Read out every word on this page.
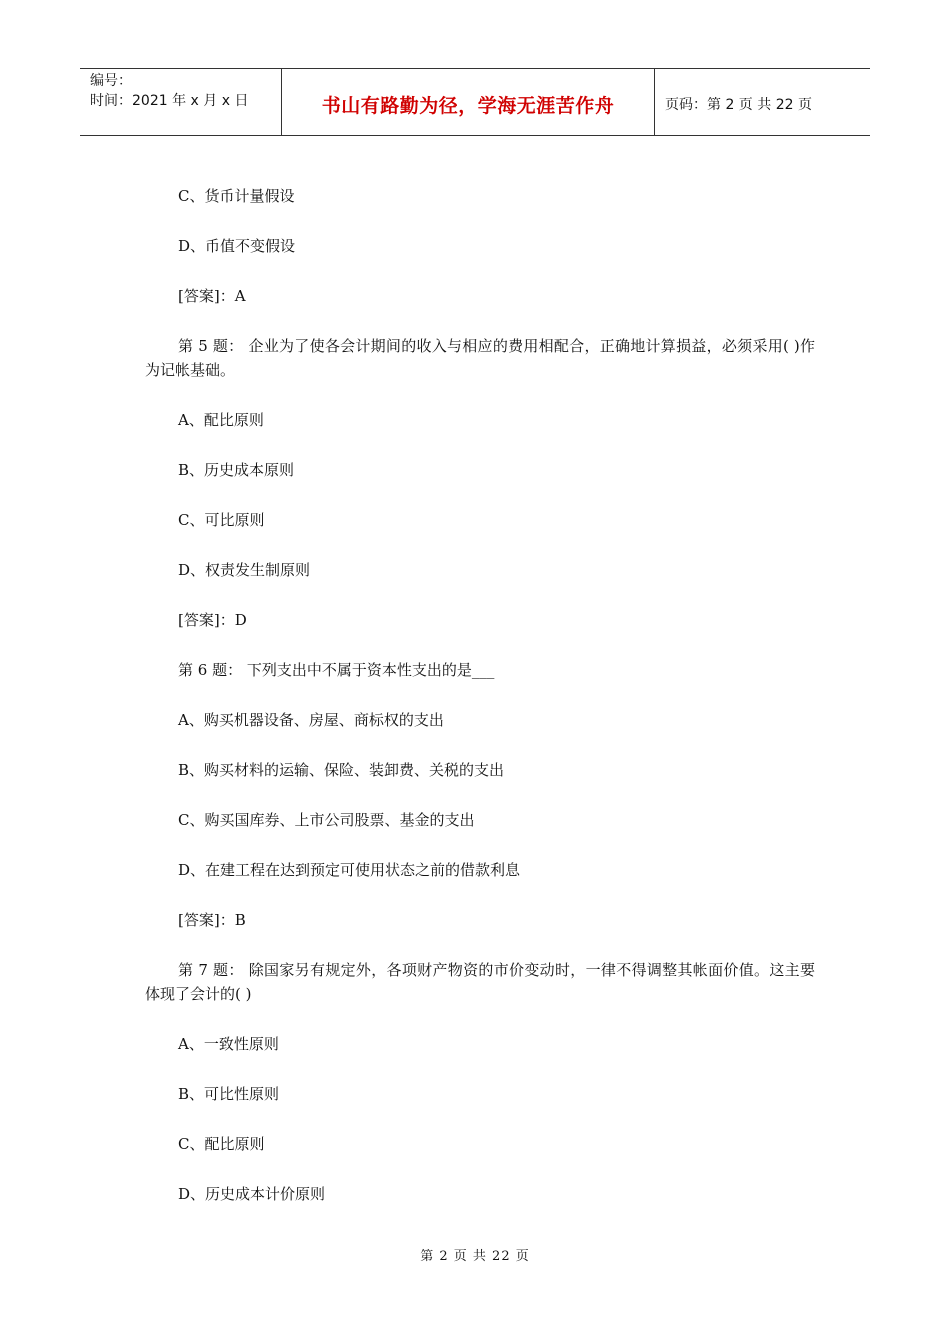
编号：
时间：2021 年 x 月 x 日	书山有路勤为径，学海无涯苦作舟	页码：第 2 页 共 22 页

C、货币计量假设

D、币值不变假设

[答案]：A

第 5 题： 企业为了使各会计期间的收入与相应的费用相配合，正确地计算损益，必须采用( )作为记帐基础。

A、配比原则

B、历史成本原则

C、可比原则

D、权责发生制原则

[答案]：D

第 6 题： 下列支出中不属于资本性支出的是___

A、购买机器设备、房屋、商标权的支出

B、购买材料的运输、保险、装卸费、关税的支出

C、购买国库券、上市公司股票、基金的支出

D、在建工程在达到预定可使用状态之前的借款利息

[答案]：B

第 7 题： 除国家另有规定外，各项财产物资的市价变动时，一律不得调整其帐面价值。这主要体现了会计的( )

A、一致性原则

B、可比性原则

C、配比原则

D、历史成本计价原则

第 2 页 共 22 页
